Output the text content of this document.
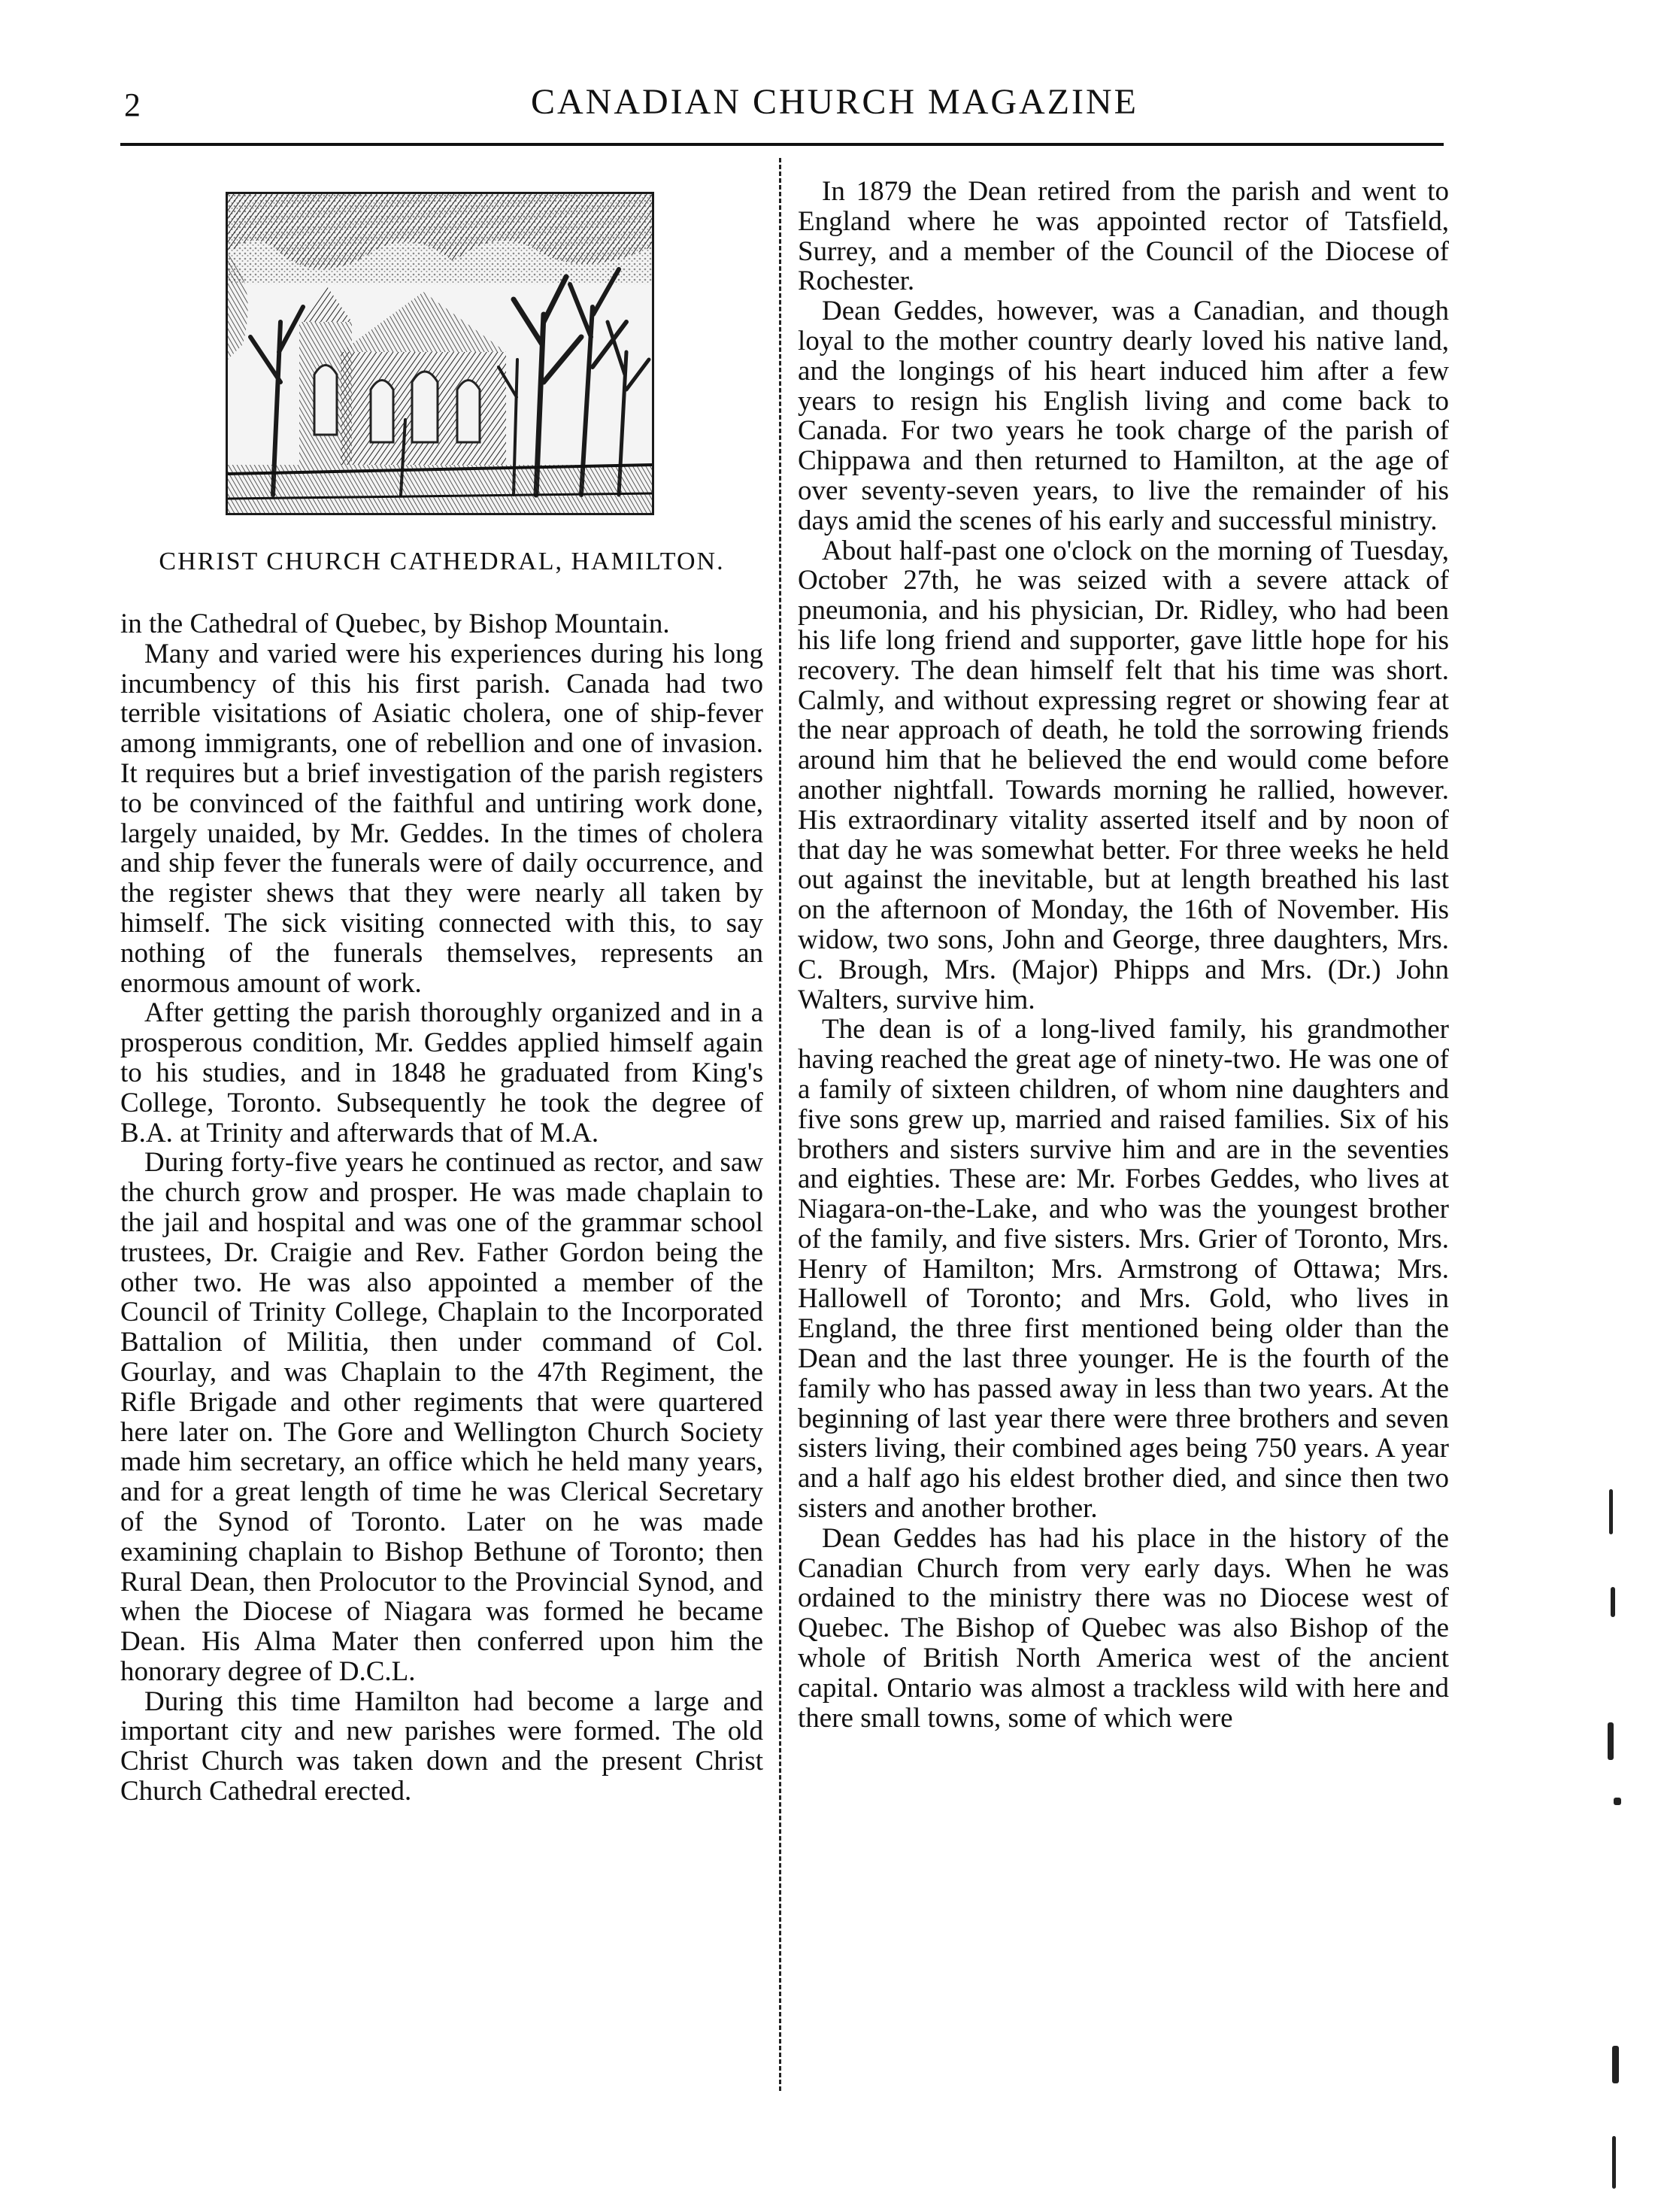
2	CANADIAN CHURCH MAGAZINE
CHRIST CHURCH CATHEDRAL, HAMILTON.

in the Cathedral of Quebec, by Bishop Mountain.

Many and varied were his experiences during his long incumbency of this his first parish. Canada had two terrible visitations of Asiatic cholera, one of ship-fever among immigrants, one of rebellion and one of invasion. It requires but a brief investigation of the parish registers to be convinced of the faithful and untiring work done, largely unaided, by Mr. Geddes. In the times of cholera and ship fever the funerals were of daily occurrence, and the register shews that they were nearly all taken by himself. The sick visiting connected with this, to say nothing of the funerals themselves, represents an enormous amount of work.

After getting the parish thoroughly organized and in a prosperous condition, Mr. Geddes applied himself again to his studies, and in 1848 he graduated from King's College, Toronto. Subsequently he took the degree of B.A. at Trinity and afterwards that of M.A.

During forty-five years he continued as rector, and saw the church grow and prosper. He was made chaplain to the jail and hospital and was one of the grammar school trustees, Dr. Craigie and Rev. Father Gordon being the other two. He was also appointed a member of the Council of Trinity College, Chaplain to the Incorporated Battalion of Militia, then under command of Col. Gourlay, and was Chaplain to the 47th Regiment, the Rifle Brigade and other regiments that were quartered here later on. The Gore and Wellington Church Society made him secretary, an office which he held many years, and for a great length of time he was Clerical Secretary of the Synod of Toronto. Later on he was made examining chaplain to Bishop Bethune of Toronto; then Rural Dean, then Prolocutor to the Provincial Synod, and when the Diocese of Niagara was formed he became Dean. His Alma Mater then conferred upon him the honorary degree of D.C.L.

During this time Hamilton had become a large and important city and new parishes were formed. The old Christ Church was taken down and the present Christ Church Cathedral erected.

In 1879 the Dean retired from the parish and went to England where he was appointed rector of Tatsfield, Surrey, and a member of the Council of the Diocese of Rochester.

Dean Geddes, however, was a Canadian, and though loyal to the mother country dearly loved his native land, and the longings of his heart induced him after a few years to resign his English living and come back to Canada. For two years he took charge of the parish of Chippawa and then returned to Hamilton, at the age of over seventy-seven years, to live the remainder of his days amid the scenes of his early and successful ministry.

About half-past one o'clock on the morning of Tuesday, October 27th, he was seized with a severe attack of pneumonia, and his physician, Dr. Ridley, who had been his life long friend and supporter, gave little hope for his recovery. The dean himself felt that his time was short. Calmly, and without expressing regret or showing fear at the near approach of death, he told the sorrowing friends around him that he believed the end would come before another nightfall. Towards morning he rallied, however. His extraordinary vitality asserted itself and by noon of that day he was somewhat better. For three weeks he held out against the inevitable, but at length breathed his last on the afternoon of Monday, the 16th of November. His widow, two sons, John and George, three daughters, Mrs. C. Brough, Mrs. (Major) Phipps and Mrs. (Dr.) John Walters, survive him.

The dean is of a long-lived family, his grandmother having reached the great age of ninety-two. He was one of a family of sixteen children, of whom nine daughters and five sons grew up, married and raised families. Six of his brothers and sisters survive him and are in the seventies and eighties. These are: Mr. Forbes Geddes, who lives at Niagara-on-the-Lake, and who was the youngest brother of the family, and five sisters. Mrs. Grier of Toronto, Mrs. Henry of Hamilton; Mrs. Armstrong of Ottawa; Mrs. Hallowell of Toronto; and Mrs. Gold, who lives in England, the three first mentioned being older than the Dean and the last three younger. He is the fourth of the family who has passed away in less than two years. At the beginning of last year there were three brothers and seven sisters living, their combined ages being 750 years. A year and a half ago his eldest brother died, and since then two sisters and another brother.

Dean Geddes has had his place in the history of the Canadian Church from very early days. When he was ordained to the ministry there was no Diocese west of Quebec. The Bishop of Quebec was also Bishop of the whole of British North America west of the ancient capital. Ontario was almost a trackless wild with here and there small towns, some of which were
